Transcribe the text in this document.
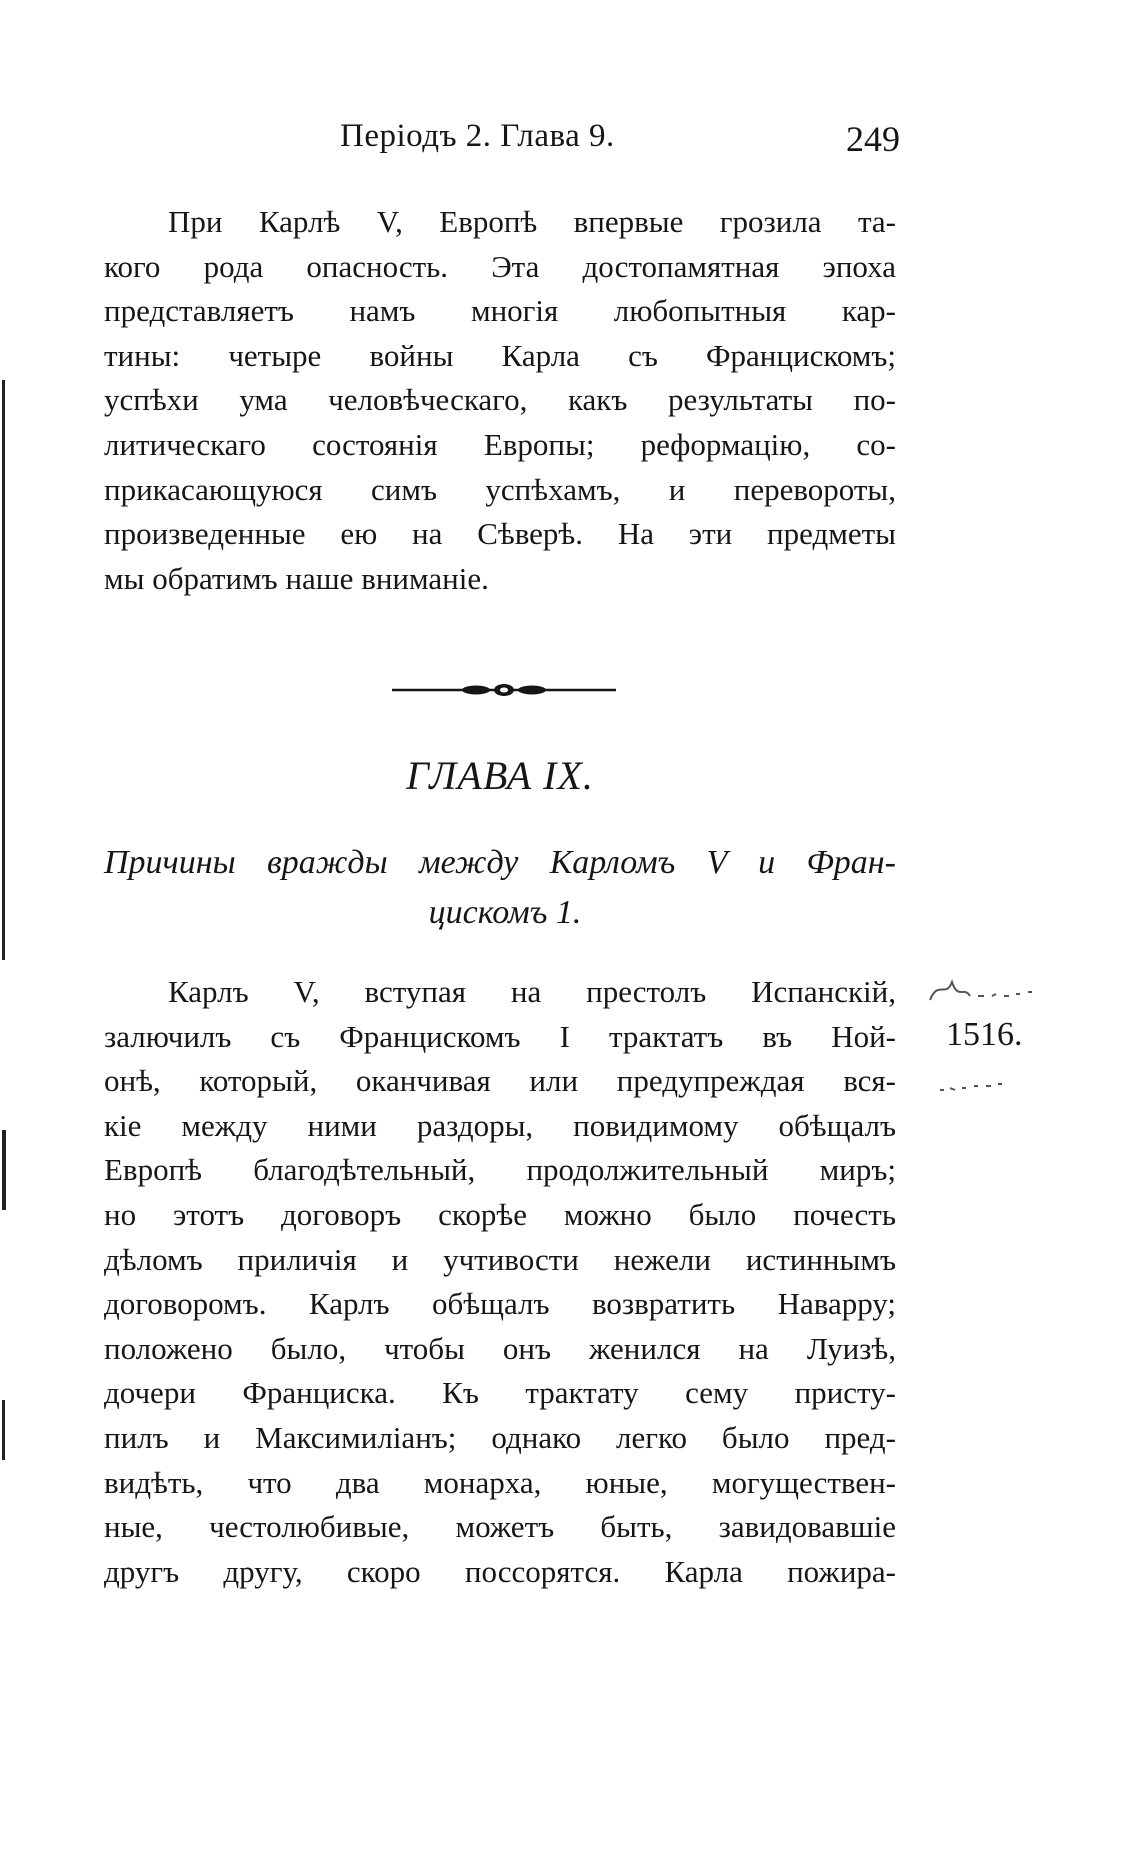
Періодъ 2. Глава 9.	249

При Карлѣ V, Европѣ впервые грозила та-

кого рода опасность. Эта достопамятная эпоха

представляетъ намъ многія любопытныя кар-

тины: четыре войны Карла съ Францискомъ;

успѣхи ума человѣческаго, какъ результаты по-

литическаго состоянія Европы; реформацію, со-

прикасающуюся симъ успѣхамъ, и перевороты,

произведенные ею на Сѣверѣ. На эти предметы

мы обратимъ наше вниманіе.

ГЛАВА IX.
Причины вражды между Карломъ V и Фран-
цискомъ 1.

Карлъ V, вступая на престолъ Испанскій,

залючилъ съ Францискомъ I трактатъ въ Ной-

онѣ, который, оканчивая или предупреждая вся-

кіе между ними раздоры, повидимому обѣщалъ

Европѣ благодѣтельный, продолжительный миръ;

но этотъ договоръ скорѣе можно было почесть

дѣломъ приличія и учтивости нежели истиннымъ

договоромъ. Карлъ обѣщалъ возвратить Наварру;

положено было, чтобы онъ женился на Луизѣ,

дочери Франциска. Къ трактату сему присту-

пилъ и Максимиліанъ; однако легко было пред-

видѣть, что два монарха, юные, могуществен-

ные, честолюбивые, можетъ быть, завидовавшіе

другъ другу, скоро поссорятся. Карла пожира-

1516.
